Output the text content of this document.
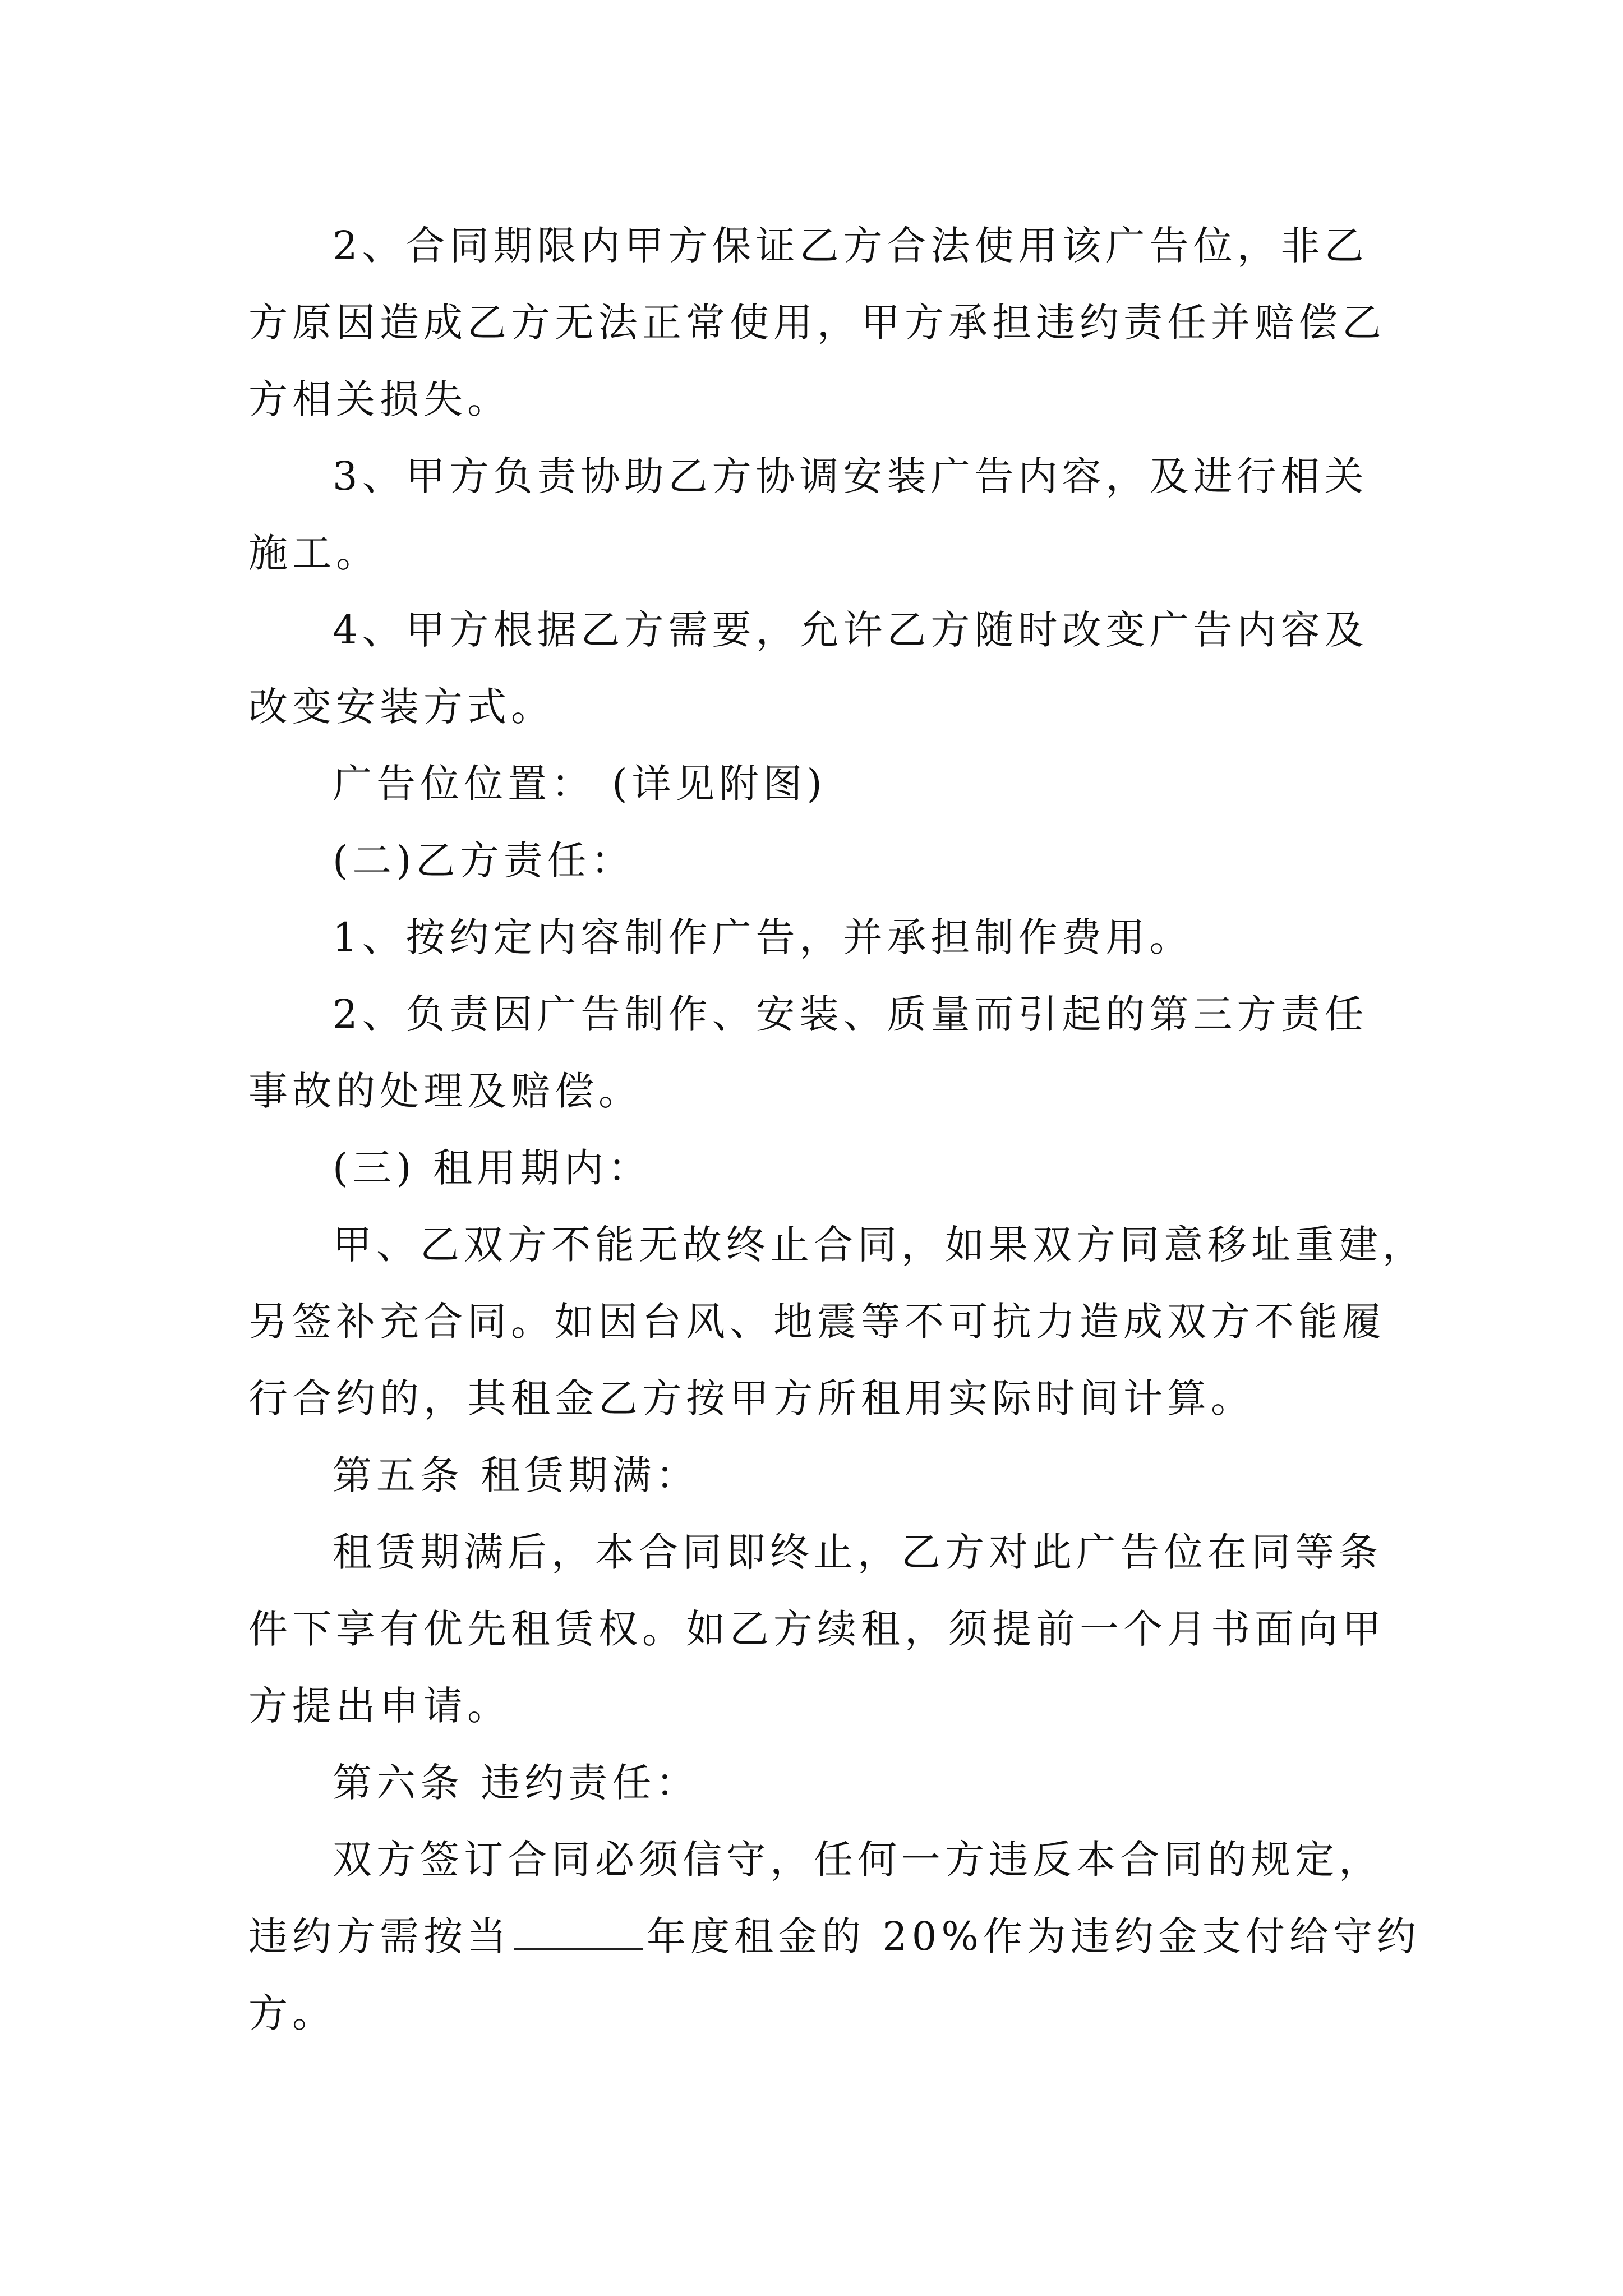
2、合同期限内甲方保证乙方合法使用该广告位，非乙
方原因造成乙方无法正常使用，甲方承担违约责任并赔偿乙
方相关损失。
3、甲方负责协助乙方协调安装广告内容，及进行相关
施工。
4、甲方根据乙方需要，允许乙方随时改变广告内容及
改变安装方式。
广告位位置： (详见附图)
(二)乙方责任：
1、按约定内容制作广告，并承担制作费用。
2、负责因广告制作、安装、质量而引起的第三方责任
事故的处理及赔偿。
(三) 租用期内：
甲、乙双方不能无故终止合同，如果双方同意移址重建，
另签补充合同。如因台风、地震等不可抗力造成双方不能履
行合约的，其租金乙方按甲方所租用实际时间计算。
第五条 租赁期满：
租赁期满后，本合同即终止，乙方对此广告位在同等条
件下享有优先租赁权。如乙方续租，须提前一个月书面向甲
方提出申请。
第六条 违约责任：
双方签订合同必须信守，任何一方违反本合同的规定，
违约方需按当	年度租金的 20%作为违约金支付给守约
方。
